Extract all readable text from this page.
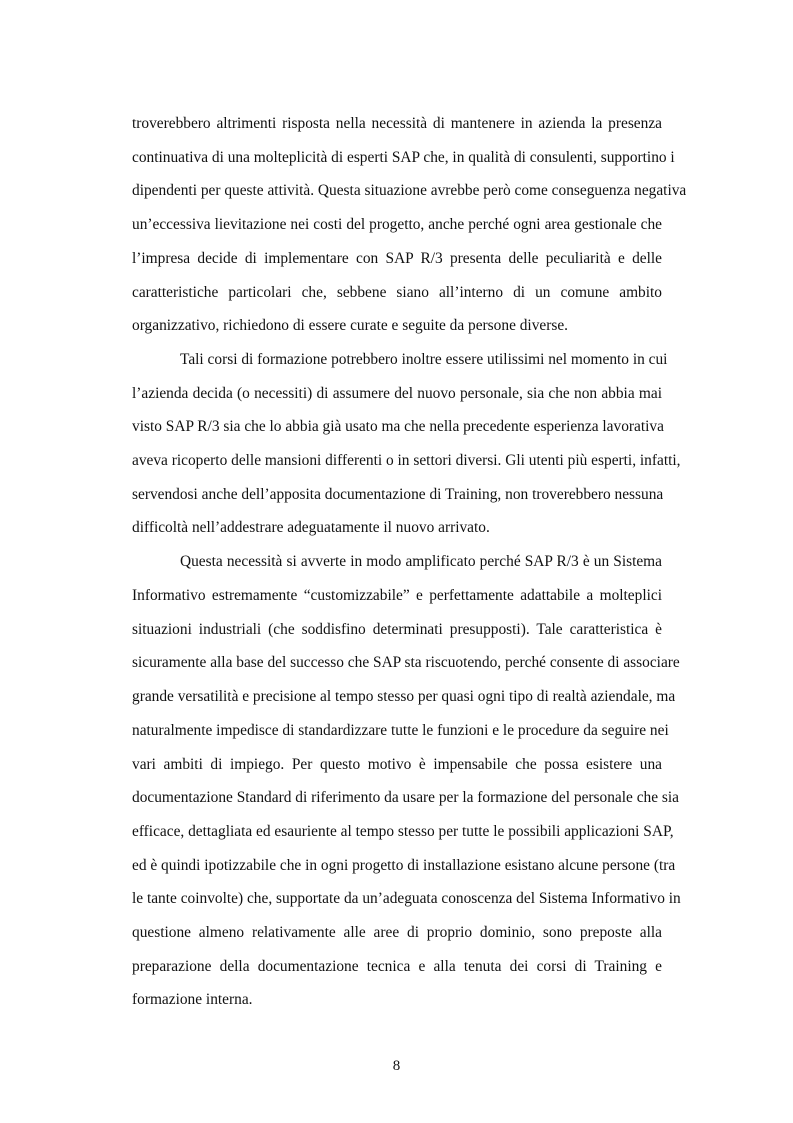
troverebbero altrimenti risposta nella necessità di mantenere in azienda la presenza
continuativa di una molteplicità di esperti SAP che, in qualità di consulenti, supportino i
dipendenti per queste attività. Questa situazione avrebbe però come conseguenza negativa
un’eccessiva lievitazione nei costi del progetto, anche perché ogni area gestionale che
l’impresa decide di implementare con SAP R/3 presenta delle peculiarità e delle
caratteristiche particolari che, sebbene siano all’interno di un comune ambito
organizzativo, richiedono di essere curate e seguite da persone diverse.
Tali corsi di formazione potrebbero inoltre essere utilissimi nel momento in cui
l’azienda decida (o necessiti) di assumere del nuovo personale, sia che non abbia mai
visto SAP R/3 sia che lo abbia già usato ma che nella precedente esperienza lavorativa
aveva ricoperto delle mansioni differenti o in settori diversi. Gli utenti più esperti, infatti,
servendosi anche dell’apposita documentazione di Training, non troverebbero nessuna
difficoltà nell’addestrare adeguatamente il nuovo arrivato.
Questa necessità si avverte in modo amplificato perché SAP R/3 è un Sistema
Informativo estremamente “customizzabile” e perfettamente adattabile a molteplici
situazioni industriali (che soddisfino determinati presupposti). Tale caratteristica è
sicuramente alla base del successo che SAP sta riscuotendo, perché consente di associare
grande versatilità e precisione al tempo stesso per quasi ogni tipo di realtà aziendale, ma
naturalmente impedisce di standardizzare tutte le funzioni e le procedure da seguire nei
vari ambiti di impiego. Per questo motivo è impensabile che possa esistere una
documentazione Standard di riferimento da usare per la formazione del personale che sia
efficace, dettagliata ed esauriente al tempo stesso per tutte le possibili applicazioni SAP,
ed è quindi ipotizzabile che in ogni progetto di installazione esistano alcune persone (tra
le tante coinvolte) che, supportate da un’adeguata conoscenza del Sistema Informativo in
questione almeno relativamente alle aree di proprio dominio, sono preposte alla
preparazione della documentazione tecnica e alla tenuta dei corsi di Training e
formazione interna.
8
